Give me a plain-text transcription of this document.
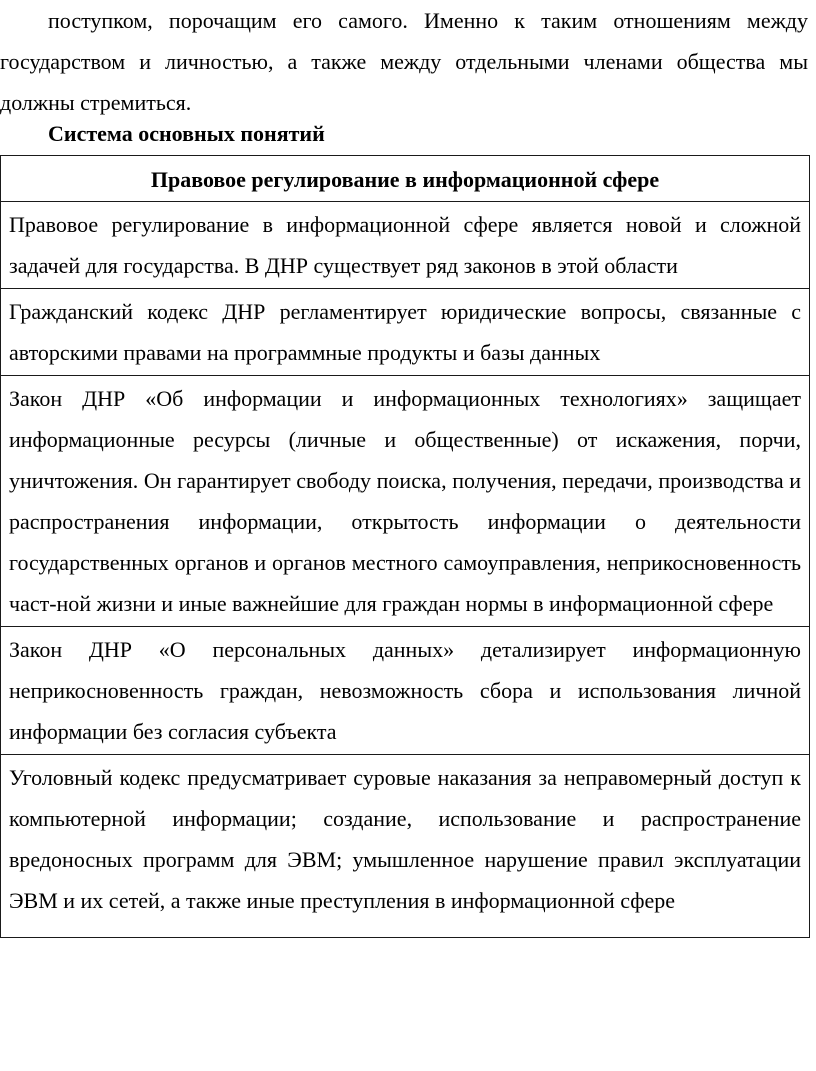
поступком, порочащим его самого. Именно к таким отношениям между государством и личностью, а также между отдельными членами общества мы должны стремиться.

Система основных понятий

Правовое регулирование в информационной сфере
Правовое регулирование в информационной сфере является новой и сложной задачей для государства. В ДНР существует ряд законов в этой области
Гражданский кодекс ДНР регламентирует юридические вопросы, связанные с авторскими правами на программные продукты и базы данных
Закон ДНР «Об информации и информационных технологиях» защищает информационные ресурсы (личные и общественные) от искажения, порчи, уничтожения. Он гарантирует свободу поиска, получения, передачи, производства и распространения информации, открытость информации о деятельности государственных органов и органов местного самоуправления, неприкосновенность част-ной жизни и иные важнейшие для граждан нормы в информационной сфере
Закон ДНР «О персональных данных» детализирует информационную неприкосновенность граждан, невозможность сбора и использования личной информации без согласия субъекта
Уголовный кодекс предусматривает суровые наказания за неправомерный доступ к компьютерной информации; создание, использование и распространение вредоносных программ для ЭВМ; умышленное нарушение правил эксплуатации ЭВМ и их сетей, а также иные преступления в информационной сфере
